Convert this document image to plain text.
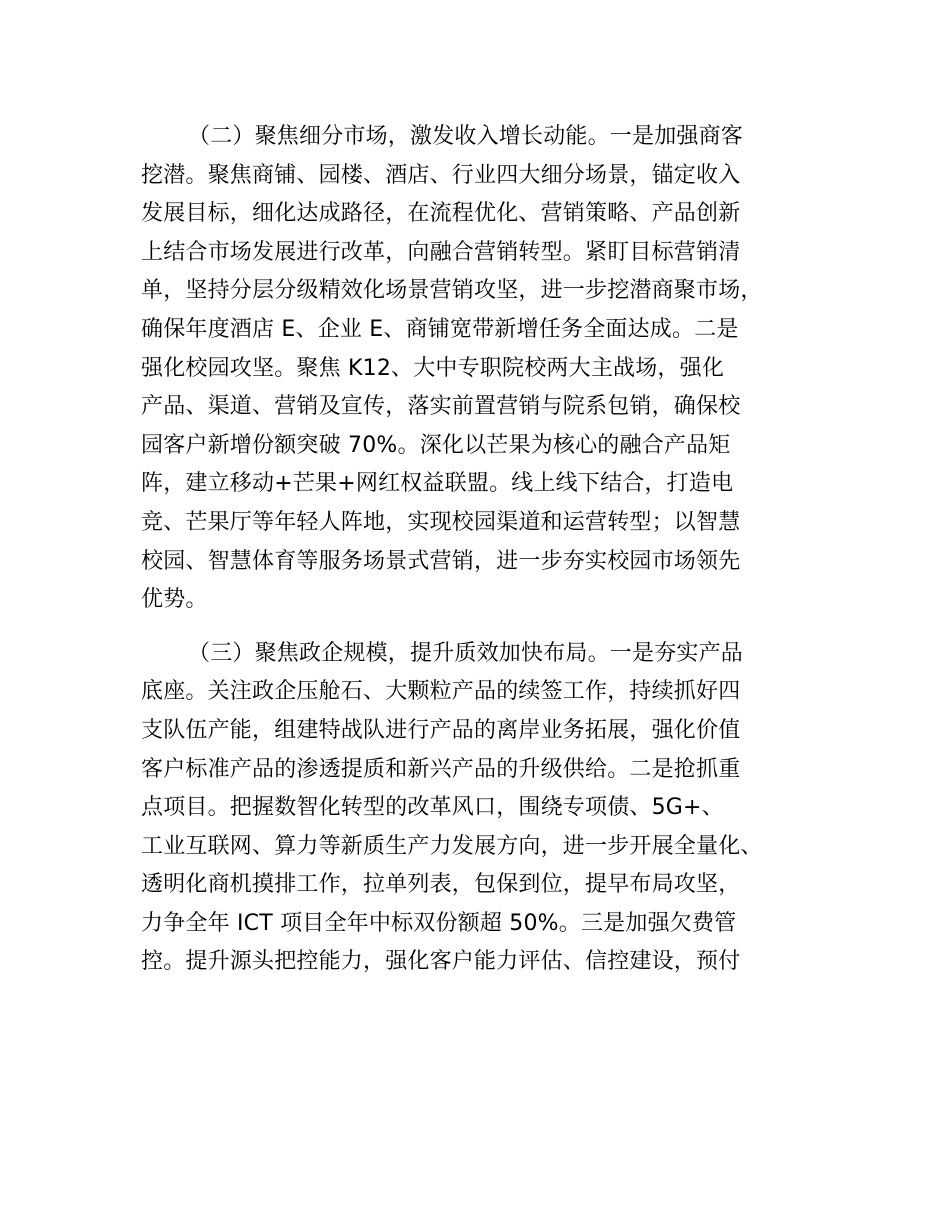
（二）聚焦细分市场，激发收入增长动能。一是加强商客
挖潜。聚焦商铺、园楼、酒店、行业四大细分场景，锚定收入
发展目标，细化达成路径，在流程优化、营销策略、产品创新
上结合市场发展进行改革，向融合营销转型。紧盯目标营销清
单，坚持分层分级精效化场景营销攻坚，进一步挖潜商聚市场，
确保年度酒店 E、企业 E、商铺宽带新增任务全面达成。二是
强化校园攻坚。聚焦 K12、大中专职院校两大主战场，强化
产品、渠道、营销及宣传，落实前置营销与院系包销，确保校
园客户新增份额突破 70%。深化以芒果为核心的融合产品矩
阵，建立移动+芒果+网红权益联盟。线上线下结合，打造电
竞、芒果厅等年轻人阵地，实现校园渠道和运营转型；以智慧
校园、智慧体育等服务场景式营销，进一步夯实校园市场领先
优势。
（三）聚焦政企规模，提升质效加快布局。一是夯实产品
底座。关注政企压舱石、大颗粒产品的续签工作，持续抓好四
支队伍产能，组建特战队进行产品的离岸业务拓展，强化价值
客户标准产品的渗透提质和新兴产品的升级供给。二是抢抓重
点项目。把握数智化转型的改革风口，围绕专项债、5G+、
工业互联网、算力等新质生产力发展方向，进一步开展全量化、
透明化商机摸排工作，拉单列表，包保到位，提早布局攻坚，
力争全年 ICT 项目全年中标双份额超 50%。三是加强欠费管
控。提升源头把控能力，强化客户能力评估、信控建设，预付
